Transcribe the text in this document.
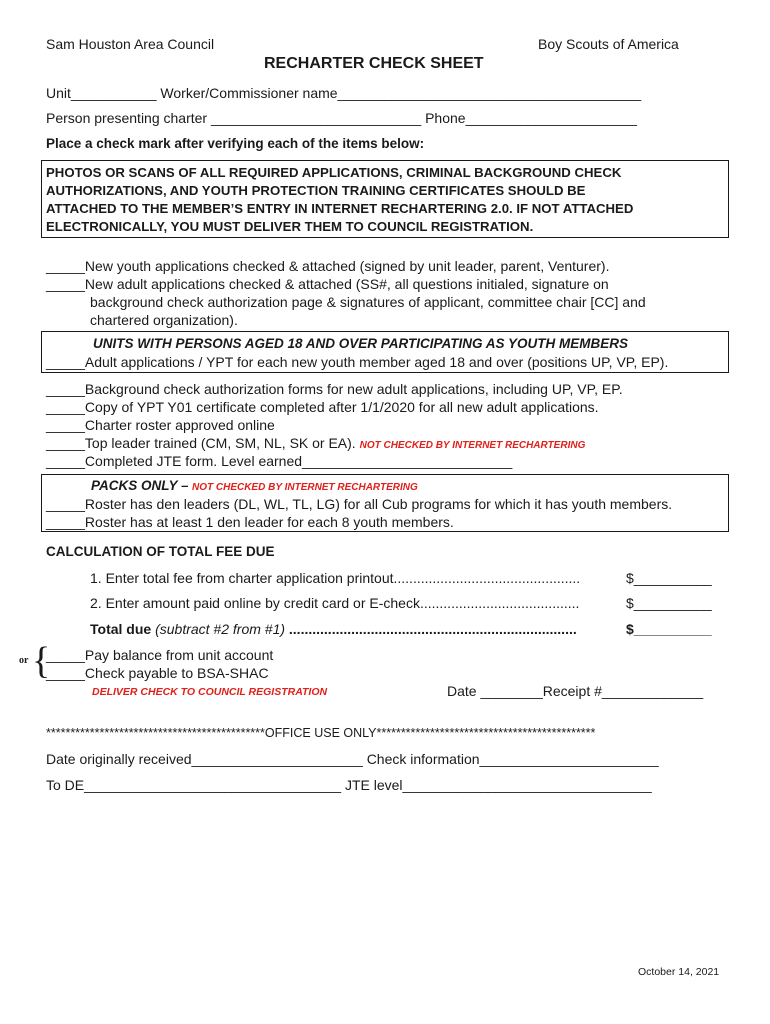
Sam Houston Area Council	Boy Scouts of America
RECHARTER CHECK SHEET
Unit___________ Worker/Commissioner name_______________________________________
Person presenting charter ___________________________ Phone______________________
Place a check mark after verifying each of the items below:
PHOTOS OR SCANS OF ALL REQUIRED APPLICATIONS, CRIMINAL BACKGROUND CHECK
AUTHORIZATIONS, AND YOUTH PROTECTION TRAINING CERTIFICATES SHOULD BE
ATTACHED TO THE MEMBER’S ENTRY IN INTERNET RECHARTERING 2.0. IF NOT ATTACHED
ELECTRONICALLY, YOU MUST DELIVER THEM TO COUNCIL REGISTRATION.
_____New youth applications checked & attached (signed by unit leader, parent, Venturer).
_____New adult applications checked & attached (SS#, all questions initialed, signature on
background check authorization page & signatures of applicant, committee chair [CC] and
chartered organization).
UNITS WITH PERSONS AGED 18 AND OVER PARTICIPATING AS YOUTH MEMBERS
_____Adult applications / YPT for each new youth member aged 18 and over (positions UP, VP, EP).
_____Background check authorization forms for new adult applications, including UP, VP, EP.
_____Copy of YPT Y01 certificate completed after 1/1/2020 for all new adult applications.
_____Charter roster approved online
_____Top leader trained (CM, SM, NL, SK or EA). NOT CHECKED BY INTERNET RECHARTERING
_____Completed JTE form. Level earned___________________________
PACKS ONLY – NOT CHECKED BY INTERNET RECHARTERING
_____Roster has den leaders (DL, WL, TL, LG) for all Cub programs for which it has youth members.
_____Roster has at least 1 den leader for each 8 youth members.
CALCULATION OF TOTAL FEE DUE
1. Enter total fee from charter application printout................................................	$__________
2. Enter amount paid online by credit card or E-check.........................................	$__________
Total due (subtract #2 from #1) ..........................................................................	$__________
or {
_____Pay balance from unit account
_____Check payable to BSA-SHAC
DELIVER CHECK TO COUNCIL REGISTRATION	Date ________Receipt #_____________
*********************************************OFFICE USE ONLY*********************************************
Date originally received______________________ Check information_______________________
To DE_________________________________ JTE level________________________________
October 14, 2021
